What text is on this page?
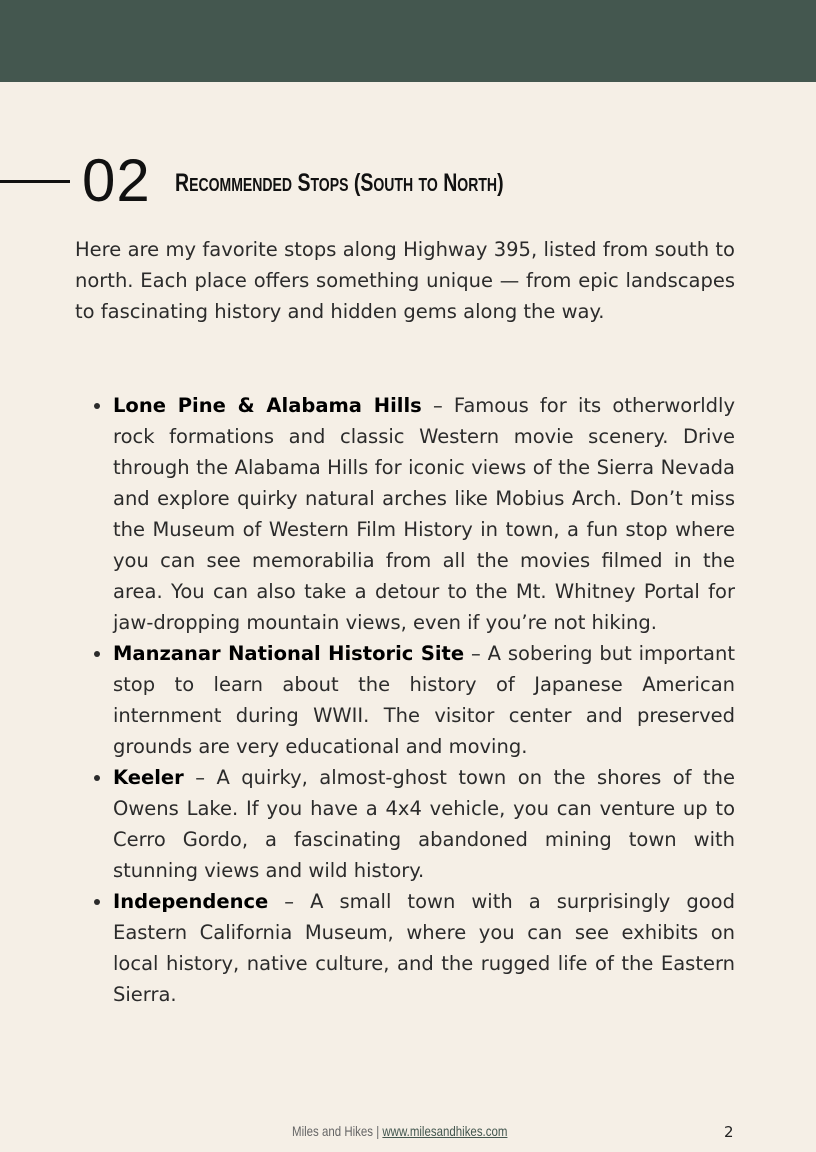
02 Recommended Stops (South to North)

Here are my favorite stops along Highway 395, listed from south to north. Each place offers something unique — from epic landscapes to fascinating history and hidden gems along the way.

• Lone Pine & Alabama Hills – Famous for its otherworldly rock formations and classic Western movie scenery. Drive through the Alabama Hills for iconic views of the Sierra Nevada and explore quirky natural arches like Mobius Arch. Don’t miss the Museum of Western Film History in town, a fun stop where you can see memorabilia from all the movies filmed in the area. You can also take a detour to the Mt. Whitney Portal for jaw-dropping mountain views, even if you’re not hiking.
• Manzanar National Historic Site – A sobering but important stop to learn about the history of Japanese American internment during WWII. The visitor center and preserved grounds are very educational and moving.
• Keeler – A quirky, almost-ghost town on the shores of the Owens Lake. If you have a 4x4 vehicle, you can venture up to Cerro Gordo, a fascinating abandoned mining town with stunning views and wild history.
• Independence – A small town with a surprisingly good Eastern California Museum, where you can see exhibits on local history, native culture, and the rugged life of the Eastern Sierra.
Miles and Hikes | www.milesandhikes.com	2
